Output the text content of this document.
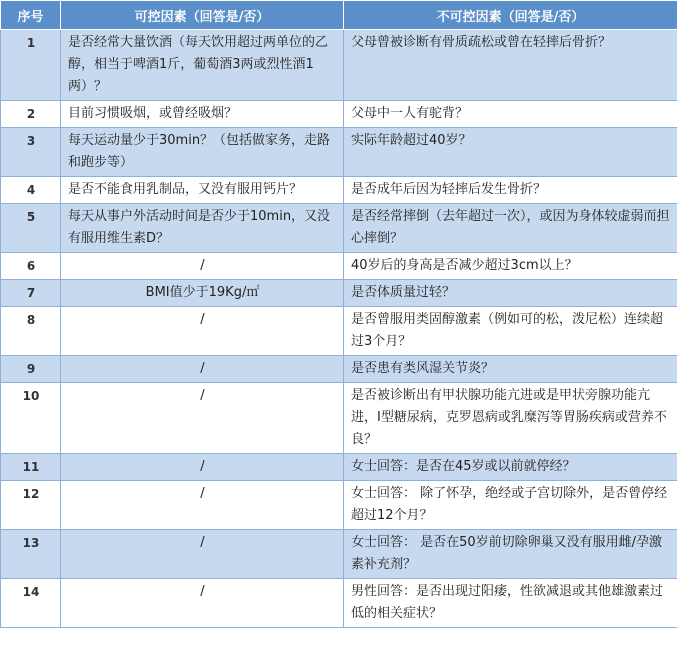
序号	可控因素（回答是/否）	不可控因素（回答是/否）
1	是否经常大量饮酒（每天饮用超过两单位的乙醇，相当于啤酒1斤，葡萄酒3两或烈性酒1两）？	父母曾被诊断有骨质疏松或曾在轻摔后骨折？
2	目前习惯吸烟，或曾经吸烟？	父母中一人有驼背？
3	每天运动量少于30min？（包括做家务，走路和跑步等）	实际年龄超过40岁？
4	是否不能食用乳制品，又没有服用钙片？	是否成年后因为轻摔后发生骨折？
5	每天从事户外活动时间是否少于10min，又没有服用维生素D？	是否经常摔倒（去年超过一次），或因为身体较虚弱而担心摔倒？
6	/	40岁后的身高是否减少超过3cm以上？
7	BMI值少于19Kg/㎡	是否体质量过轻？
8	/	是否曾服用类固醇激素（例如可的松，泼尼松）连续超过3个月？
9	/	是否患有类风湿关节炎？
10	/	是否被诊断出有甲状腺功能亢进或是甲状旁腺功能亢进，Ⅰ型糖尿病，克罗恩病或乳糜泻等胃肠疾病或营养不良？
11	/	女士回答：是否在45岁或以前就停经？
12	/	女士回答： 除了怀孕，绝经或子宫切除外，是否曾停经超过12个月？
13	/	女士回答： 是否在50岁前切除卵巢又没有服用雌/孕激素补充剂？
14	/	男性回答：是否出现过阳痿，性欲减退或其他雄激素过低的相关症状？
